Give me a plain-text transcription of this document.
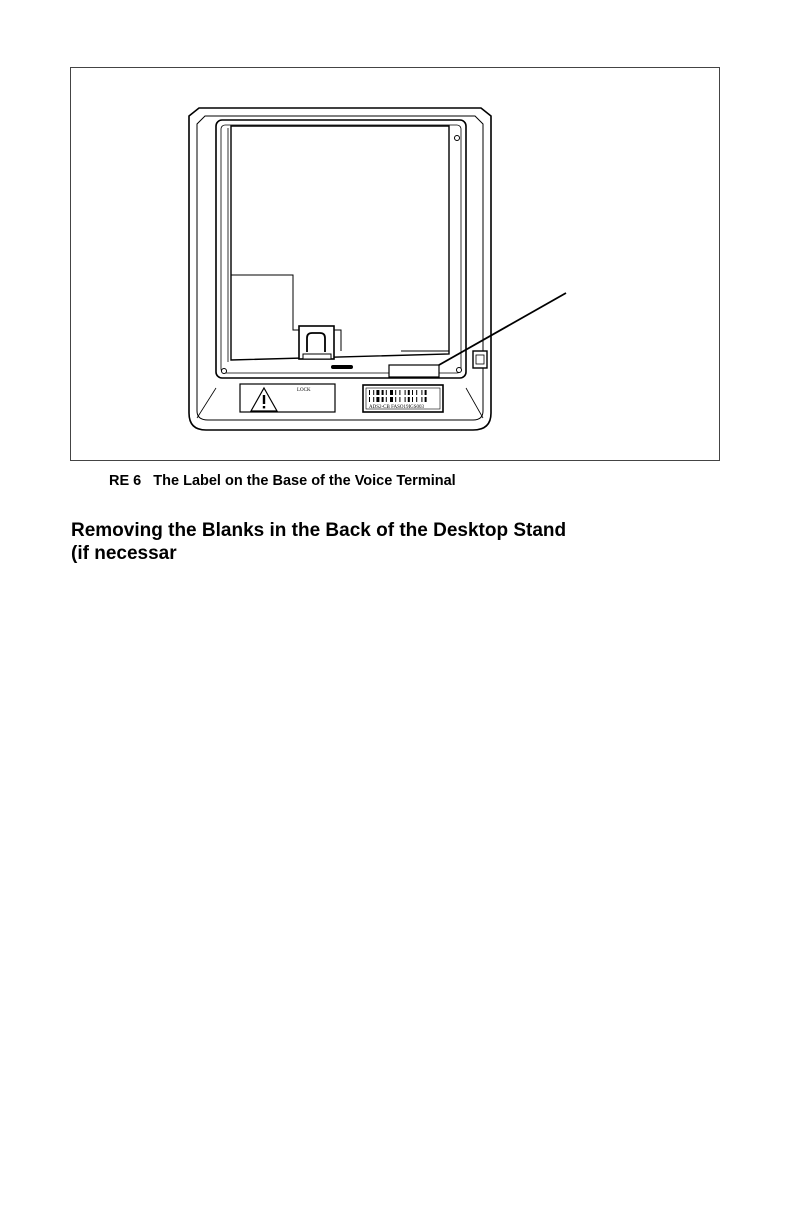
LOCK
ADS2-CB FASO19IGS003
RE 6 The Label on the Base of the Voice Terminal
Removing the Blanks in the Back of the Desktop Stand
(if necessar
